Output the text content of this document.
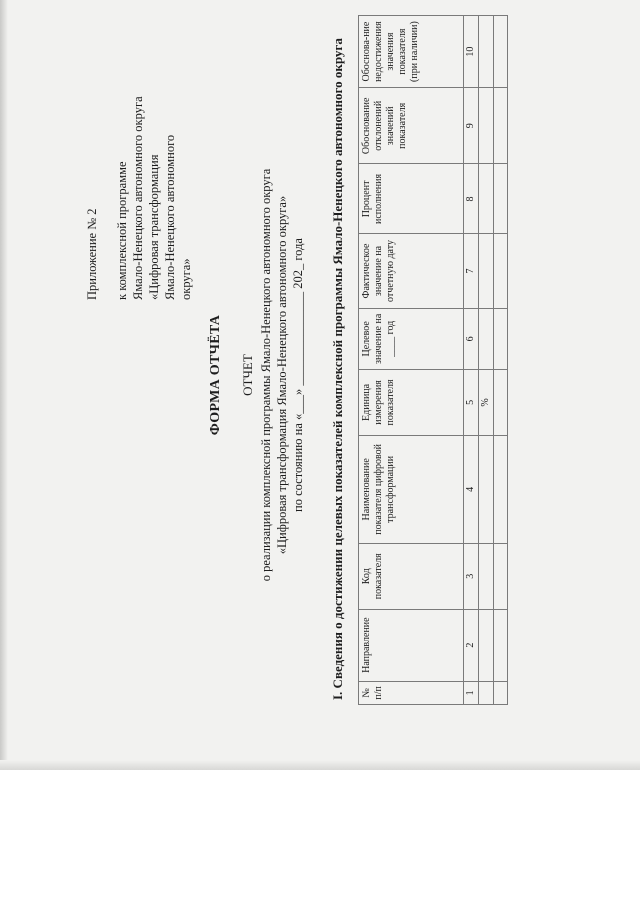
Приложение № 2 к комплексной программе Ямало-Ненецкого автономного округа «Цифровая трансформация Ямало-Ненецкого автономного округа»
ФОРМА ОТЧЁТА ОТЧЕТ о реализации комплексной программы Ямало-Ненецкого автономного округа «Цифровая трансформация Ямало-Ненецкого автономного округа» по состоянию на «___» _______________ 202_ года I. Сведения о достижении целевых показателей комплексной программы Ямало-Ненецкого автономного округа № п/п	Направление	Код показателя	Наименование показателя цифровой трансформации	Единица измерения показателя	Целевое значение на ____ год	Фактическое значение на отчетную дату	Процент исполнения	Обоснование отклонений значений показателя	Обоснова-ние недостижения значения показателя (при наличии)
1	2	3	4	5	6	7	8	9	10
				%					
